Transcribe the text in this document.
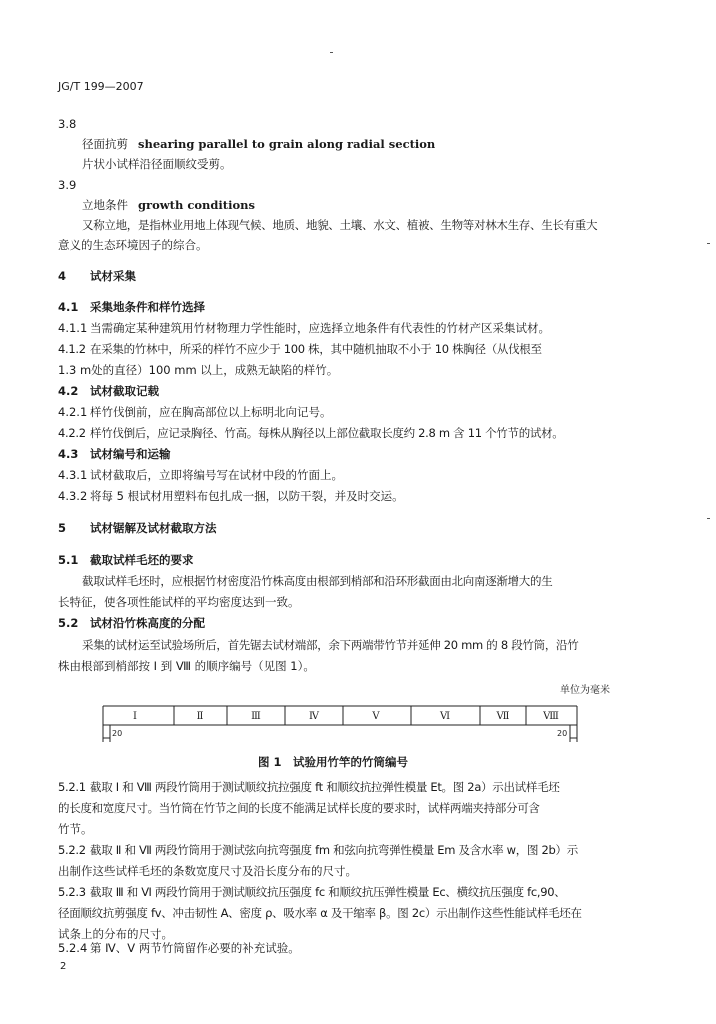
JG/T 199—2007
3.8
径面抗剪 shearing parallel to grain along radial section
片状小试样沿径面顺纹受剪。
3.9
立地条件 growth conditions
又称立地，是指林业用地上体现气候、地质、地貌、土壤、水文、植被、生物等对林木生存、生长有重大
意义的生态环境因子的综合。
4 试材采集
4.1 采集地条件和样竹选择
4.1.1 当需确定某种建筑用竹材物理力学性能时，应选择立地条件有代表性的竹材产区采集试材。
4.1.2 在采集的竹林中，所采的样竹不应少于 100 株，其中随机抽取不小于 10 株胸径（从伐根至
1.3 m处的直径）100 mm 以上，成熟无缺陷的样竹。
4.2 试材截取记载
4.2.1 样竹伐倒前，应在胸高部位以上标明北向记号。
4.2.2 样竹伐倒后，应记录胸径、竹高。每株从胸径以上部位截取长度约 2.8 m 含 11 个竹节的试材。
4.3 试材编号和运输
4.3.1 试材截取后，立即将编号写在试材中段的竹面上。
4.3.2 将每 5 根试材用塑料布包扎成一捆，以防干裂，并及时交运。
5 试材锯解及试材截取方法
5.1 截取试样毛坯的要求
截取试样毛坯时，应根据竹材密度沿竹株高度由根部到梢部和沿环形截面由北向南逐渐增大的生
长特征，使各项性能试样的平均密度达到一致。
5.2 试材沿竹株高度的分配
采集的试材运至试验场所后，首先锯去试材端部，余下两端带竹节并延伸 20 mm 的 8 段竹筒，沿竹
株由根部到梢部按 Ⅰ 到 Ⅷ 的顺序编号（见图 1）。
单位为毫米
Ⅰ	Ⅱ	Ⅲ	Ⅳ	Ⅴ	Ⅵ	Ⅶ	Ⅷ
20	20
图 1　试验用竹竿的竹筒编号
5.2.1 截取 Ⅰ 和 Ⅷ 两段竹筒用于测试顺纹抗拉强度 ft 和顺纹抗拉弹性模量 Et。图 2a）示出试样毛坯
的长度和宽度尺寸。当竹筒在竹节之间的长度不能满足试样长度的要求时，试样两端夹持部分可含
竹节。
5.2.2 截取 Ⅱ 和 Ⅶ 两段竹筒用于测试弦向抗弯强度 fm 和弦向抗弯弹性模量 Em 及含水率 w，图 2b）示
出制作这些试样毛坯的条数宽度尺寸及沿长度分布的尺寸。
5.2.3 截取 Ⅲ 和 Ⅵ 两段竹筒用于测试顺纹抗压强度 fc 和顺纹抗压弹性模量 Ec、横纹抗压强度 fc,90、
径面顺纹抗剪强度 fv、冲击韧性 A、密度 ρ、吸水率 α 及干缩率 β。图 2c）示出制作这些性能试样毛坯在
试条上的分布的尺寸。
5.2.4 第 Ⅳ、Ⅴ 两节竹筒留作必要的补充试验。
2
